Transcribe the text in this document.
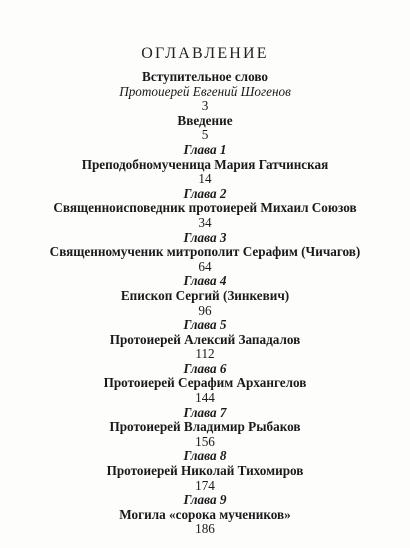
ОГЛАВЛЕНИЕ
Вступительное слово
Протоиерей Евгений Шогенов
3
Введение
5
Глава 1
Преподобномученица Мария Гатчинская
14
Глава 2
Священноисповедник протоиерей Михаил Союзов
34
Глава 3
Священномученик митрополит Серафим (Чичагов)
64
Глава 4
Епископ Сергий (Зинкевич)
96
Глава 5
Протоиерей Алексий Западалов
112
Глава 6
Протоиерей Серафим Архангелов
144
Глава 7
Протоиерей Владимир Рыбаков
156
Глава 8
Протоиерей Николай Тихомиров
174
Глава 9
Могила «сорока мучеников»
186
